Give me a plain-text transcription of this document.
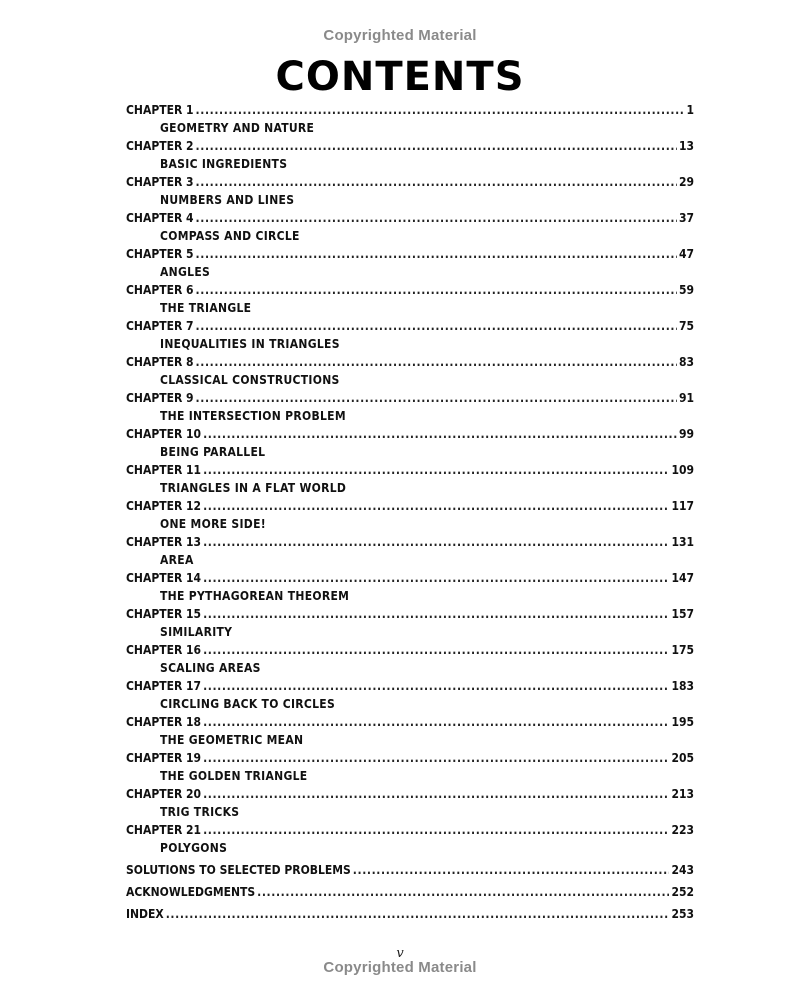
Copyrighted Material
CONTENTS
CHAPTER 1 .....	1
GEOMETRY AND NATURE
CHAPTER 2 .....	13
BASIC INGREDIENTS
CHAPTER 3 .....	29
NUMBERS AND LINES
CHAPTER 4 .....	37
COMPASS AND CIRCLE
CHAPTER 5 .....	47
ANGLES
CHAPTER 6 .....	59
THE TRIANGLE
CHAPTER 7 .....	75
INEQUALITIES IN TRIANGLES
CHAPTER 8 .....	83
CLASSICAL CONSTRUCTIONS
CHAPTER 9 .....	91
THE INTERSECTION PROBLEM
CHAPTER 10 .....	99
BEING PARALLEL
CHAPTER 11 .....	109
TRIANGLES IN A FLAT WORLD
CHAPTER 12 .....	117
ONE MORE SIDE!
CHAPTER 13 .....	131
AREA
CHAPTER 14 .....	147
THE PYTHAGOREAN THEOREM
CHAPTER 15 .....	157
SIMILARITY
CHAPTER 16 .....	175
SCALING AREAS
CHAPTER 17 .....	183
CIRCLING BACK TO CIRCLES
CHAPTER 18 .....	195
THE GEOMETRIC MEAN
CHAPTER 19 .....	205
THE GOLDEN TRIANGLE
CHAPTER 20 .....	213
TRIG TRICKS
CHAPTER 21 .....	223
POLYGONS
SOLUTIONS TO SELECTED PROBLEMS .....	243
ACKNOWLEDGMENTS .....	252
INDEX .....	253
v
Copyrighted Material
